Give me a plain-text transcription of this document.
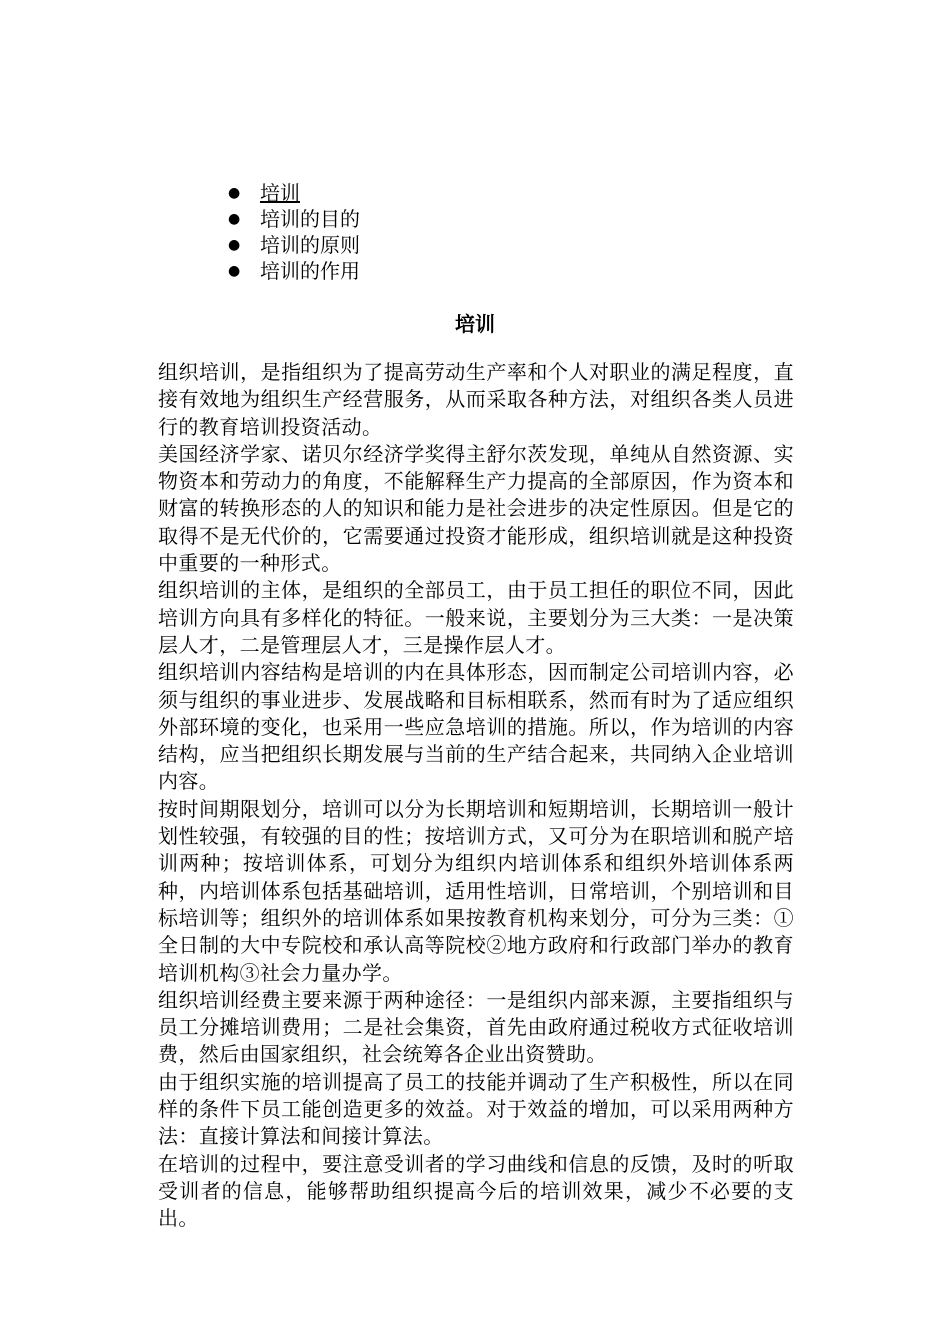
● 培训
● 培训的目的
● 培训的原则
● 培训的作用
培训

组织培训，是指组织为了提高劳动生产率和个人对职业的满足程度，直接有效地为组织生产经营服务，从而采取各种方法，对组织各类人员进行的教育培训投资活动。

美国经济学家、诺贝尔经济学奖得主舒尔茨发现，单纯从自然资源、实物资本和劳动力的角度，不能解释生产力提高的全部原因，作为资本和财富的转换形态的人的知识和能力是社会进步的决定性原因。但是它的取得不是无代价的，它需要通过投资才能形成，组织培训就是这种投资中重要的一种形式。

组织培训的主体，是组织的全部员工，由于员工担任的职位不同，因此培训方向具有多样化的特征。一般来说，主要划分为三大类：一是决策层人才，二是管理层人才，三是操作层人才。

组织培训内容结构是培训的内在具体形态，因而制定公司培训内容，必须与组织的事业进步、发展战略和目标相联系，然而有时为了适应组织外部环境的变化，也采用一些应急培训的措施。所以，作为培训的内容结构，应当把组织长期发展与当前的生产结合起来，共同纳入企业培训内容。

按时间期限划分，培训可以分为长期培训和短期培训，长期培训一般计划性较强，有较强的目的性；按培训方式，又可分为在职培训和脱产培训两种；按培训体系，可划分为组织内培训体系和组织外培训体系两种，内培训体系包括基础培训，适用性培训，日常培训，个别培训和目标培训等；组织外的培训体系如果按教育机构来划分，可分为三类：①全日制的大中专院校和承认高等院校②地方政府和行政部门举办的教育培训机构③社会力量办学。

组织培训经费主要来源于两种途径：一是组织内部来源，主要指组织与员工分摊培训费用；二是社会集资，首先由政府通过税收方式征收培训费，然后由国家组织，社会统筹各企业出资赞助。

由于组织实施的培训提高了员工的技能并调动了生产积极性，所以在同样的条件下员工能创造更多的效益。对于效益的增加，可以采用两种方法：直接计算法和间接计算法。

在培训的过程中，要注意受训者的学习曲线和信息的反馈，及时的听取受训者的信息，能够帮助组织提高今后的培训效果，减少不必要的支出。
